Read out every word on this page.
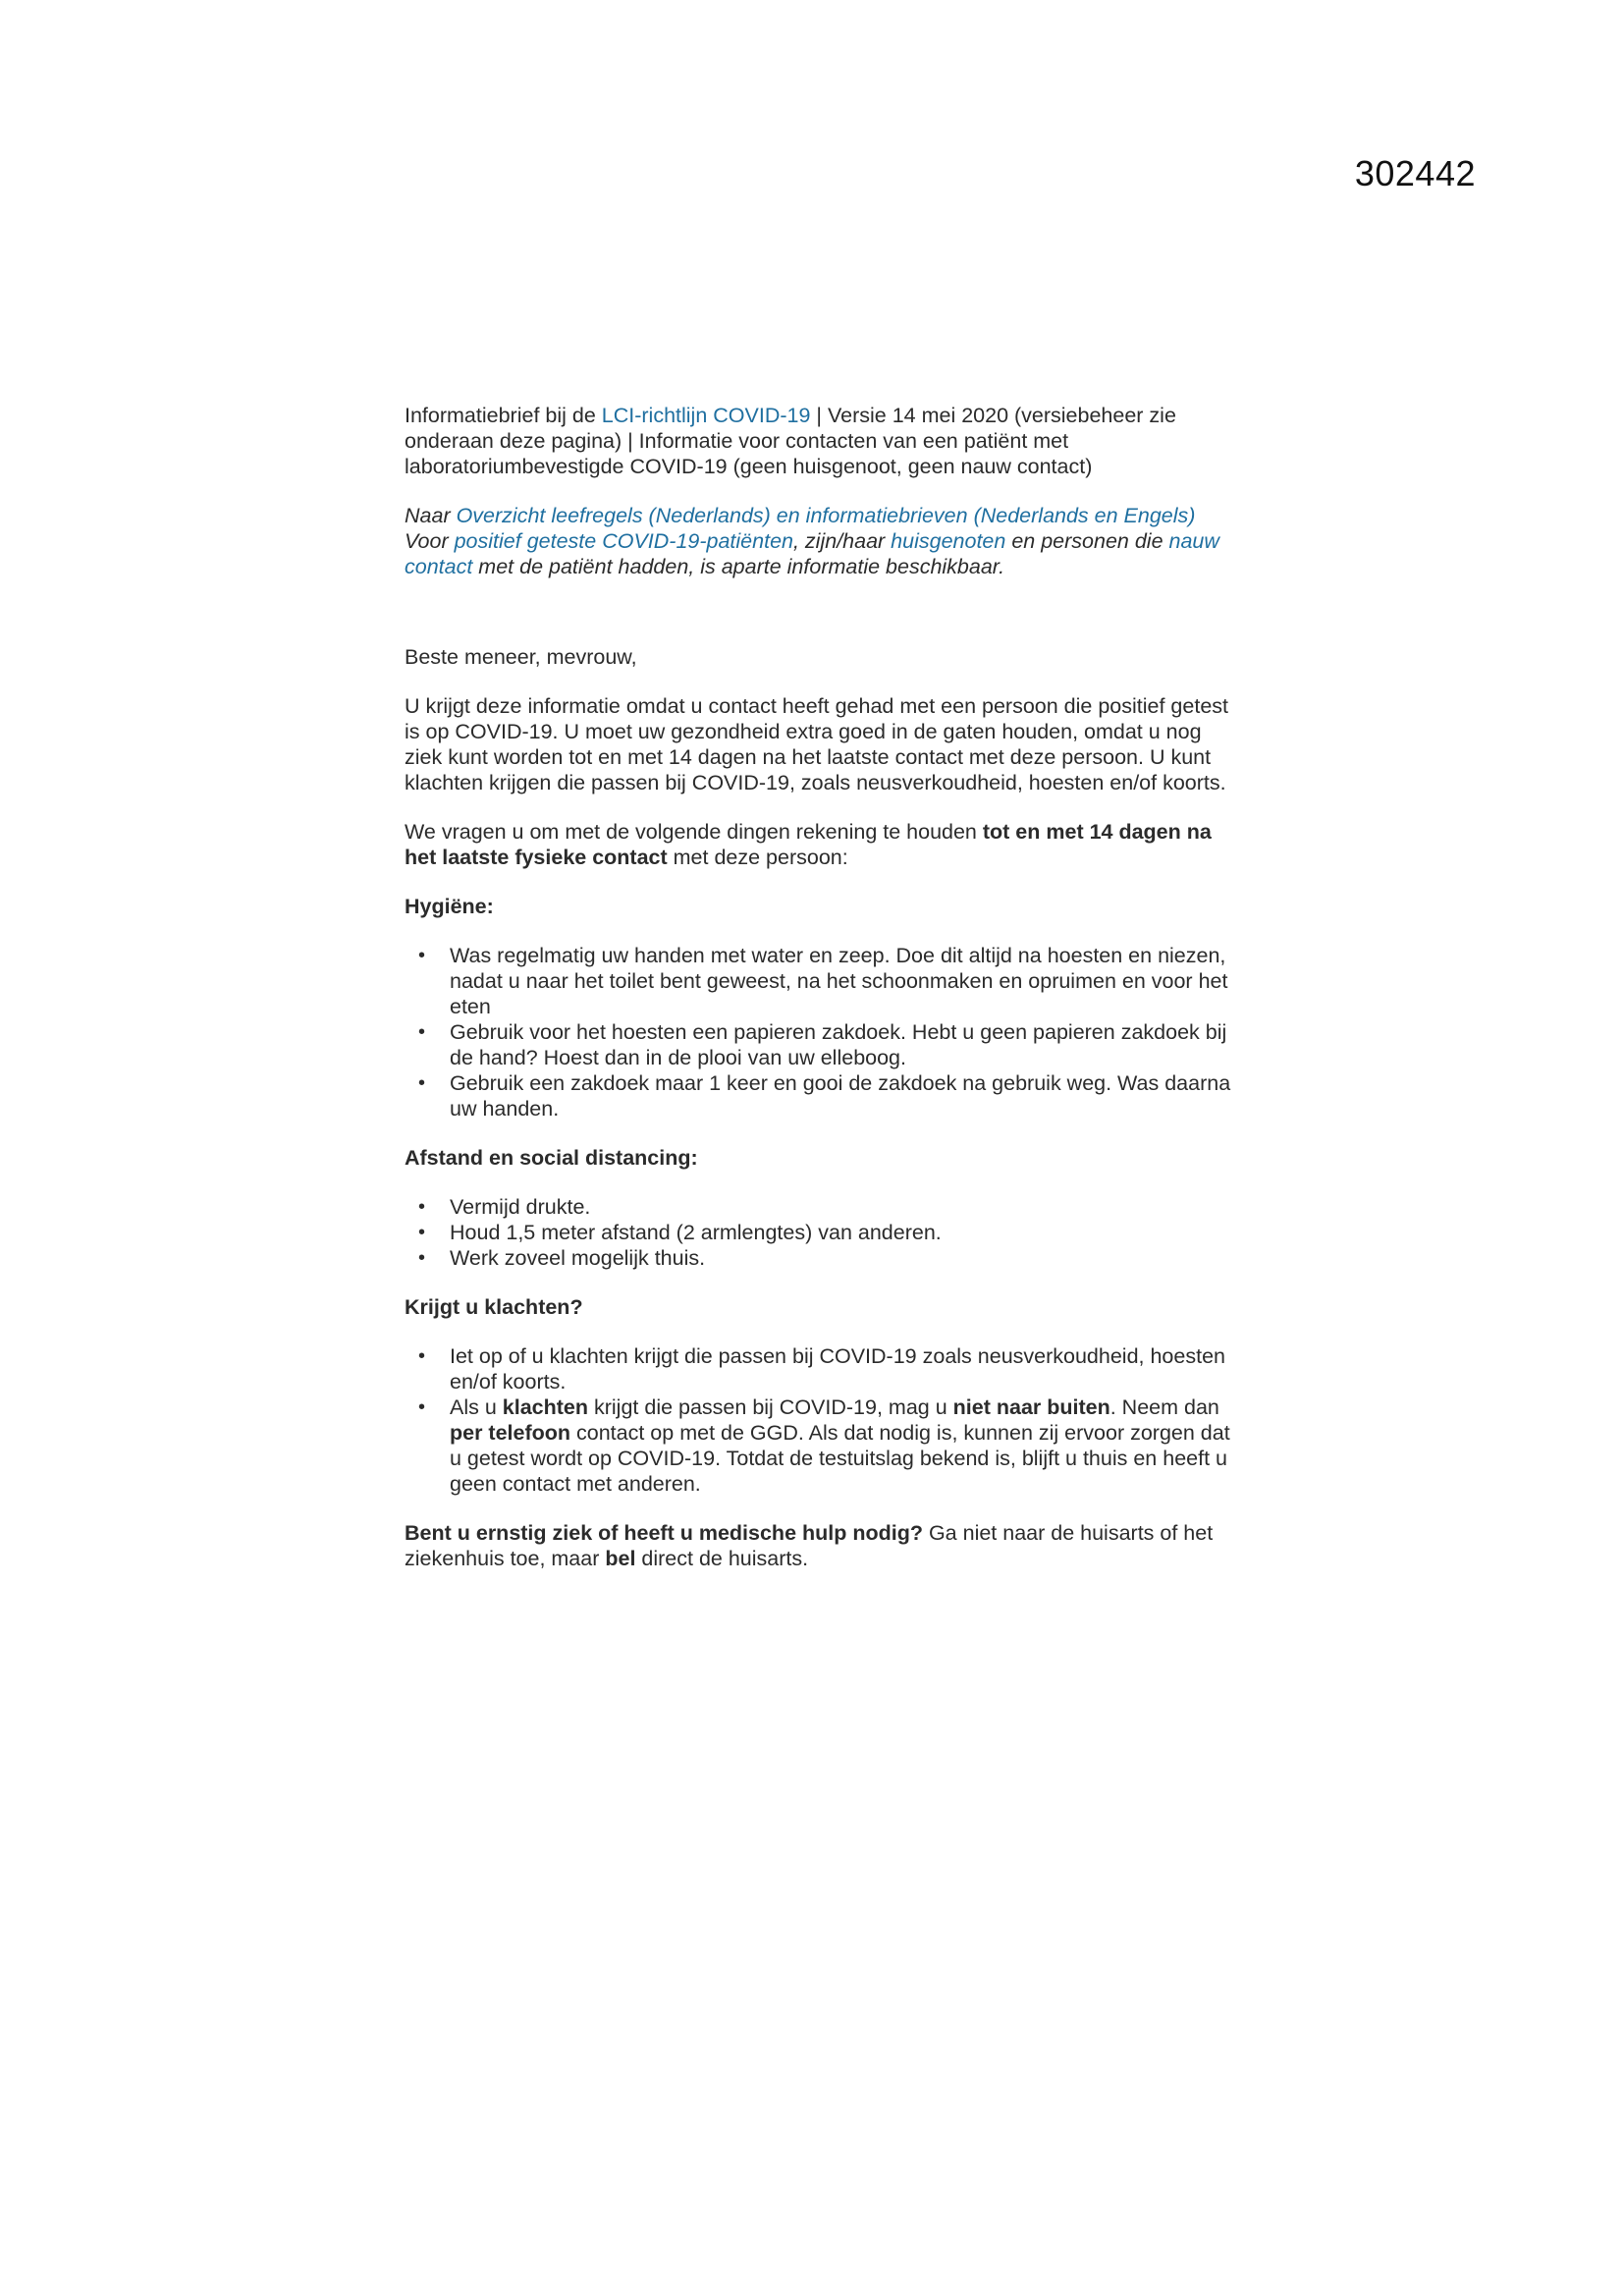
302442

Informatiebrief bij de LCI-richtlijn COVID-19 | Versie 14 mei 2020 (versiebeheer zie onderaan deze pagina) | Informatie voor contacten van een patiënt met laboratoriumbevestigde COVID-19 (geen huisgenoot, geen nauw contact)

Naar Overzicht leefregels (Nederlands) en informatiebrieven (Nederlands en Engels) Voor positief geteste COVID-19-patiënten, zijn/haar huisgenoten en personen die nauw contact met de patiënt hadden, is aparte informatie beschikbaar.

Beste meneer, mevrouw,

U krijgt deze informatie omdat u contact heeft gehad met een persoon die positief getest is op COVID-19. U moet uw gezondheid extra goed in de gaten houden, omdat u nog ziek kunt worden tot en met 14 dagen na het laatste contact met deze persoon. U kunt klachten krijgen die passen bij COVID-19, zoals neusverkoudheid, hoesten en/of koorts.

We vragen u om met de volgende dingen rekening te houden tot en met 14 dagen na het laatste fysieke contact met deze persoon:

Hygiëne:

• Was regelmatig uw handen met water en zeep. Doe dit altijd na hoesten en niezen, nadat u naar het toilet bent geweest, na het schoonmaken en opruimen en voor het eten
• Gebruik voor het hoesten een papieren zakdoek. Hebt u geen papieren zakdoek bij de hand? Hoest dan in de plooi van uw elleboog.
• Gebruik een zakdoek maar 1 keer en gooi de zakdoek na gebruik weg. Was daarna uw handen.

Afstand en social distancing:

• Vermijd drukte.
• Houd 1,5 meter afstand (2 armlengtes) van anderen.
• Werk zoveel mogelijk thuis.

Krijgt u klachten?

• Iet op of u klachten krijgt die passen bij COVID-19 zoals neusverkoudheid, hoesten en/of koorts.
• Als u klachten krijgt die passen bij COVID-19, mag u niet naar buiten. Neem dan per telefoon contact op met de GGD. Als dat nodig is, kunnen zij ervoor zorgen dat u getest wordt op COVID-19. Totdat de testuitslag bekend is, blijft u thuis en heeft u geen contact met anderen.

Bent u ernstig ziek of heeft u medische hulp nodig? Ga niet naar de huisarts of het ziekenhuis toe, maar bel direct de huisarts.
